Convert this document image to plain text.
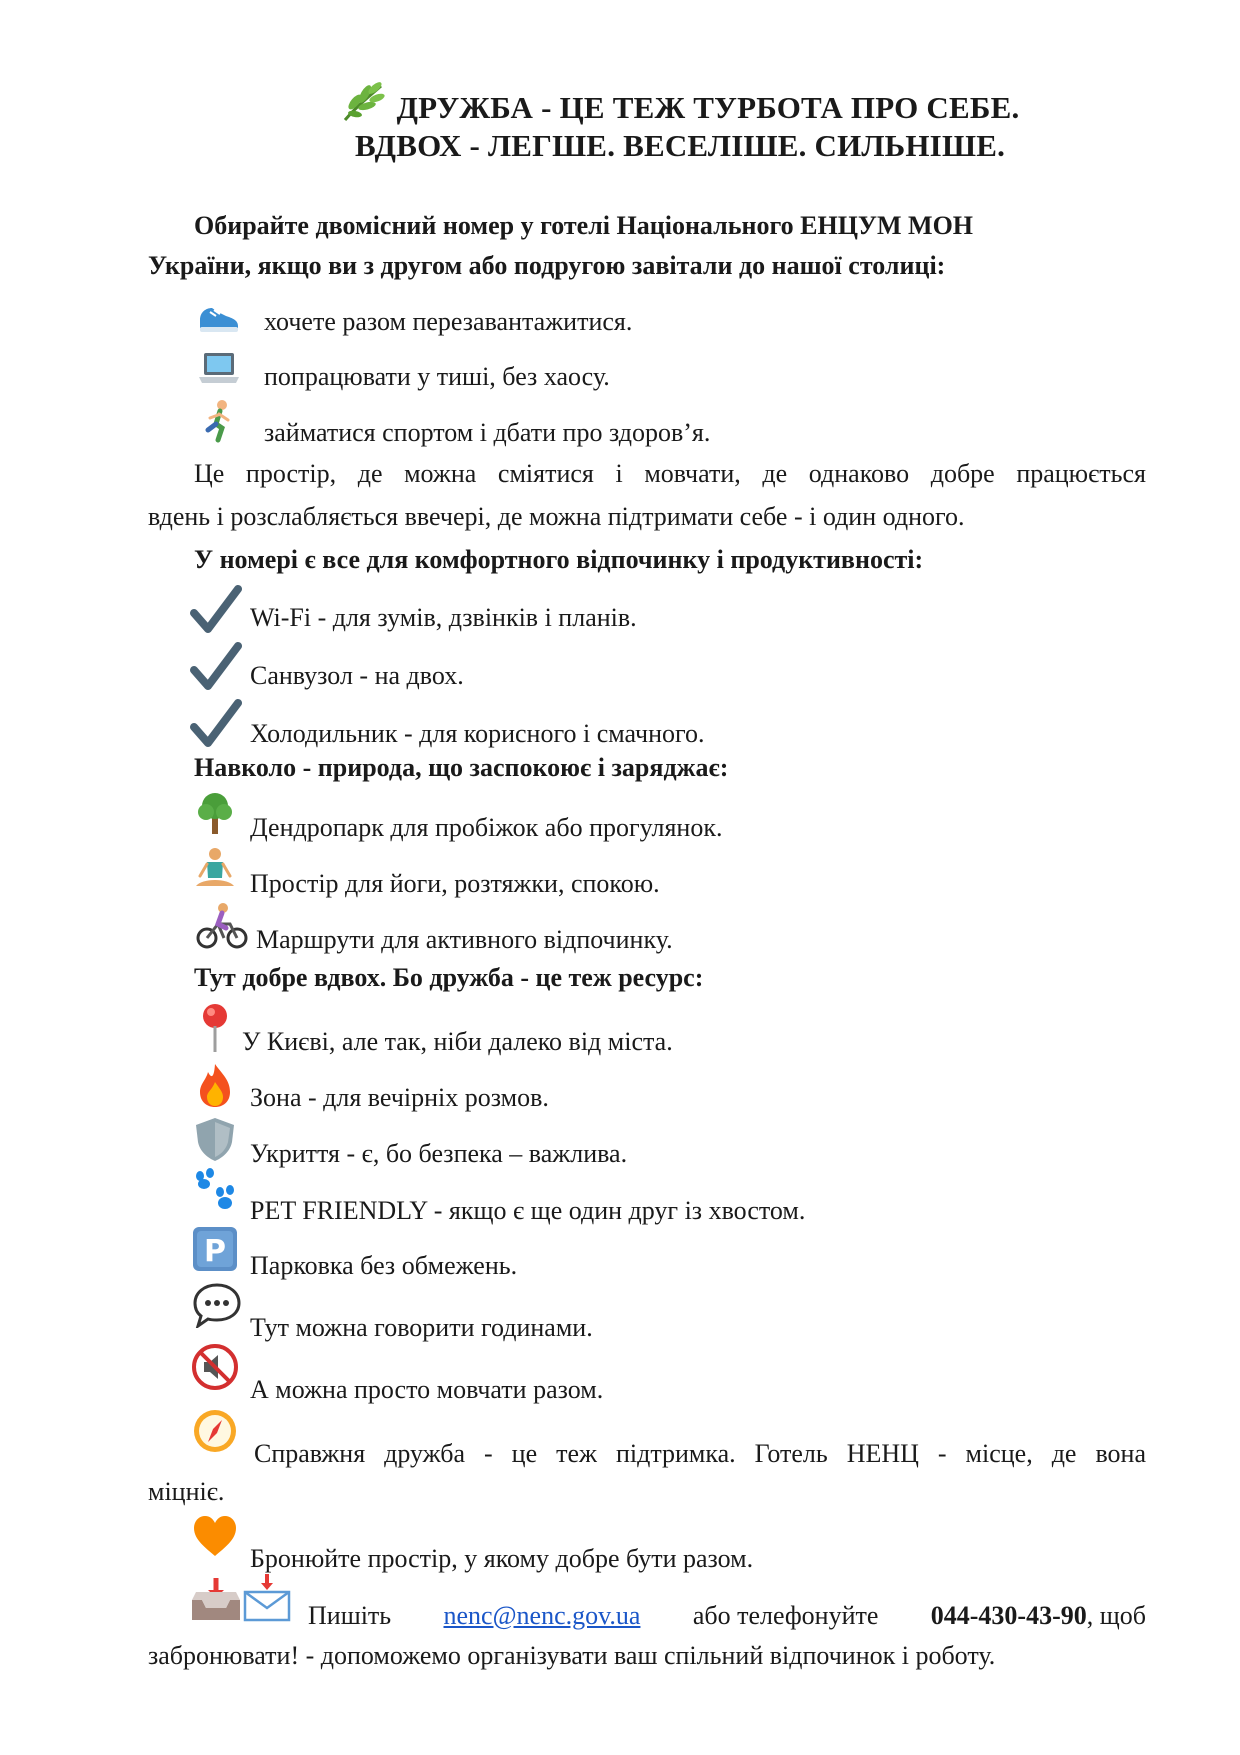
ДРУЖБА - ЦЕ ТЕЖ ТУРБОТА ПРО СЕБЕ.
ВДВОХ - ЛЕГШЕ. ВЕСЕЛІШЕ. СИЛЬНІШЕ.
Обирайте двомісний номер у готелі Національного ЕНЦУМ МОН
України, якщо ви з другом або подругою завітали до нашої столиці:
хочете разом перезавантажитися.
попрацювати у тиші, без хаосу.
займатися спортом і дбати про здоров’я.
Це простір, де можна сміятися і мовчати, де однаково добре працюється
вдень і розслабляється ввечері, де можна підтримати себе - і один одного.
У номері є все для комфортного відпочинку і продуктивності:
Wi-Fi - для зумів, дзвінків і планів.
Санвузол - на двох.
Холодильник - для корисного і смачного.
Навколо - природа, що заспокоює і заряджає:
Дендропарк для пробіжок або прогулянок.
Простір для йоги, розтяжки, спокою.
Маршрути для активного відпочинку.
Тут добре вдвох. Бо дружба - це теж ресурс:
У Києві, але так, ніби далеко від міста.
Зона - для вечірніх розмов.
Укриття - є, бо безпека – важлива.
PET FRIENDLY - якщо є ще один друг із хвостом.
P Парковка без обмежень.
Тут можна говорити годинами.
А можна просто мовчати разом.
Справжня дружба - це теж підтримка. Готель НЕНЦ - місце, де вона
міцніє.
Бронюйте простір, у якому добре бути разом.
Пишіть nenc@nenc.gov.ua або телефонуйте 044-430-43-90, щоб
забронювати! - допоможемо організувати ваш спільний відпочинок і роботу.
